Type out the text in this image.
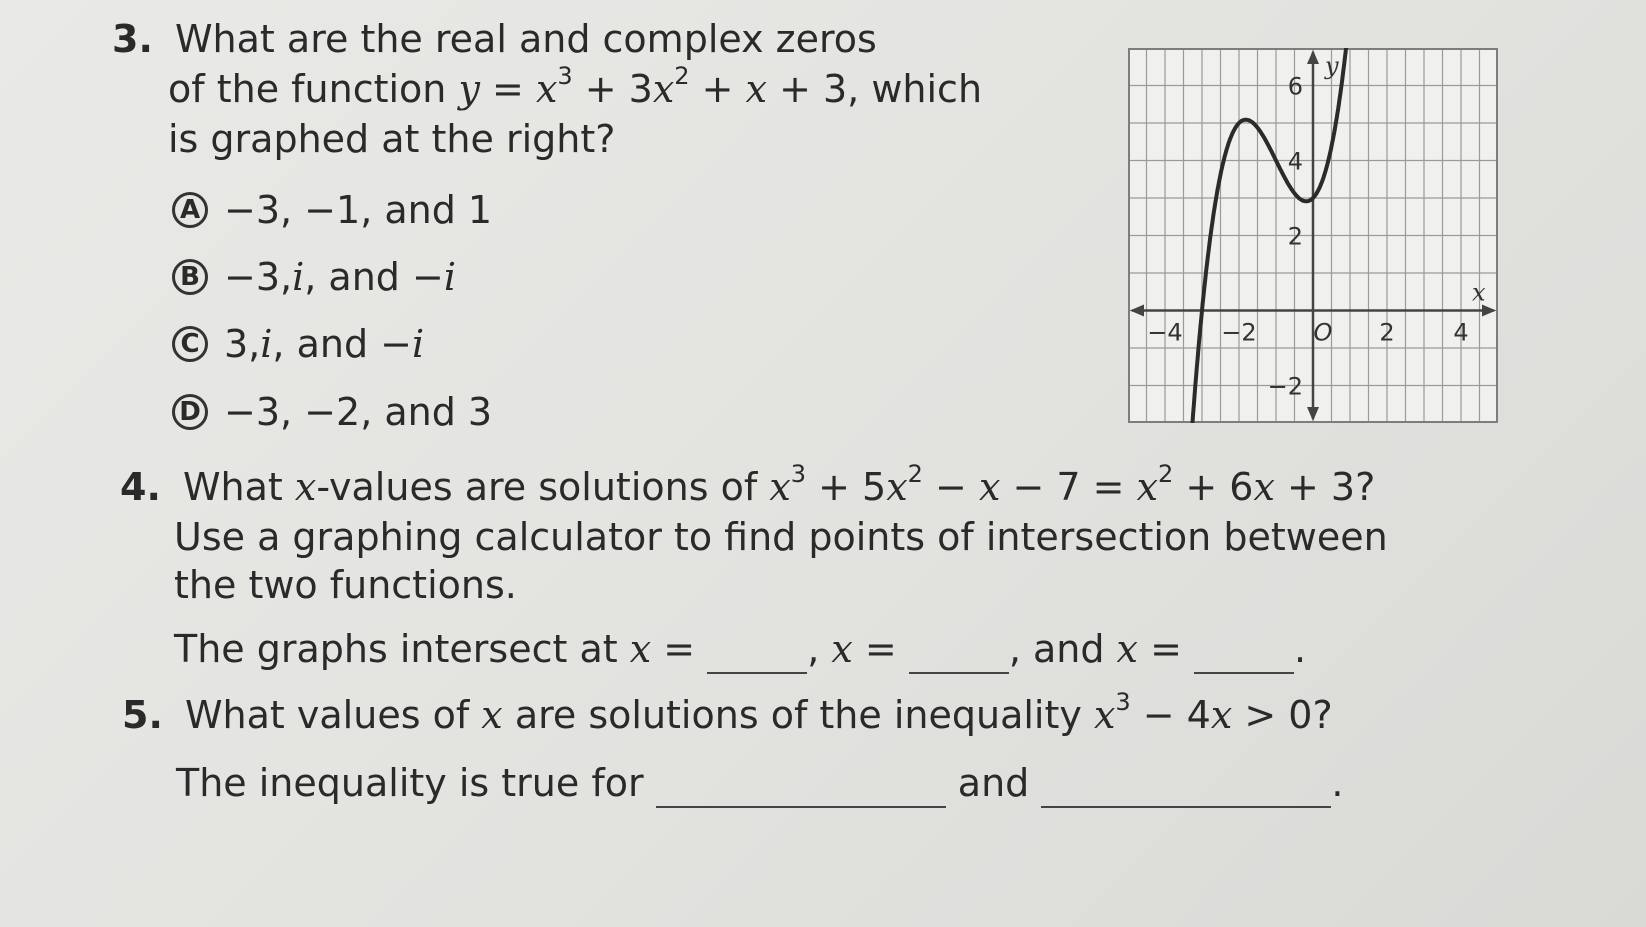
3. What are the real and complex zeros
of the function $y = x^3 + 3x^2 + x + 3$, which
is graphed at the right?
A −3, −1, and 1
B −3, i , and − i
C 3, i , and − i
D −3, −2, and 3
−4 −2 O 2 4
6
4
2
−2
y
x
4. What x-values are solutions of $x^3 + 5x^2 - x - 7 = x^2 + 6x + 3$?
Use a graphing calculator to find points of intersection between
the two functions.
The graphs intersect at x =	, x =	, and x =	.
5. What values of x are solutions of the inequality $x^3 - 4x > 0$?
The inequality is true for	and	.
